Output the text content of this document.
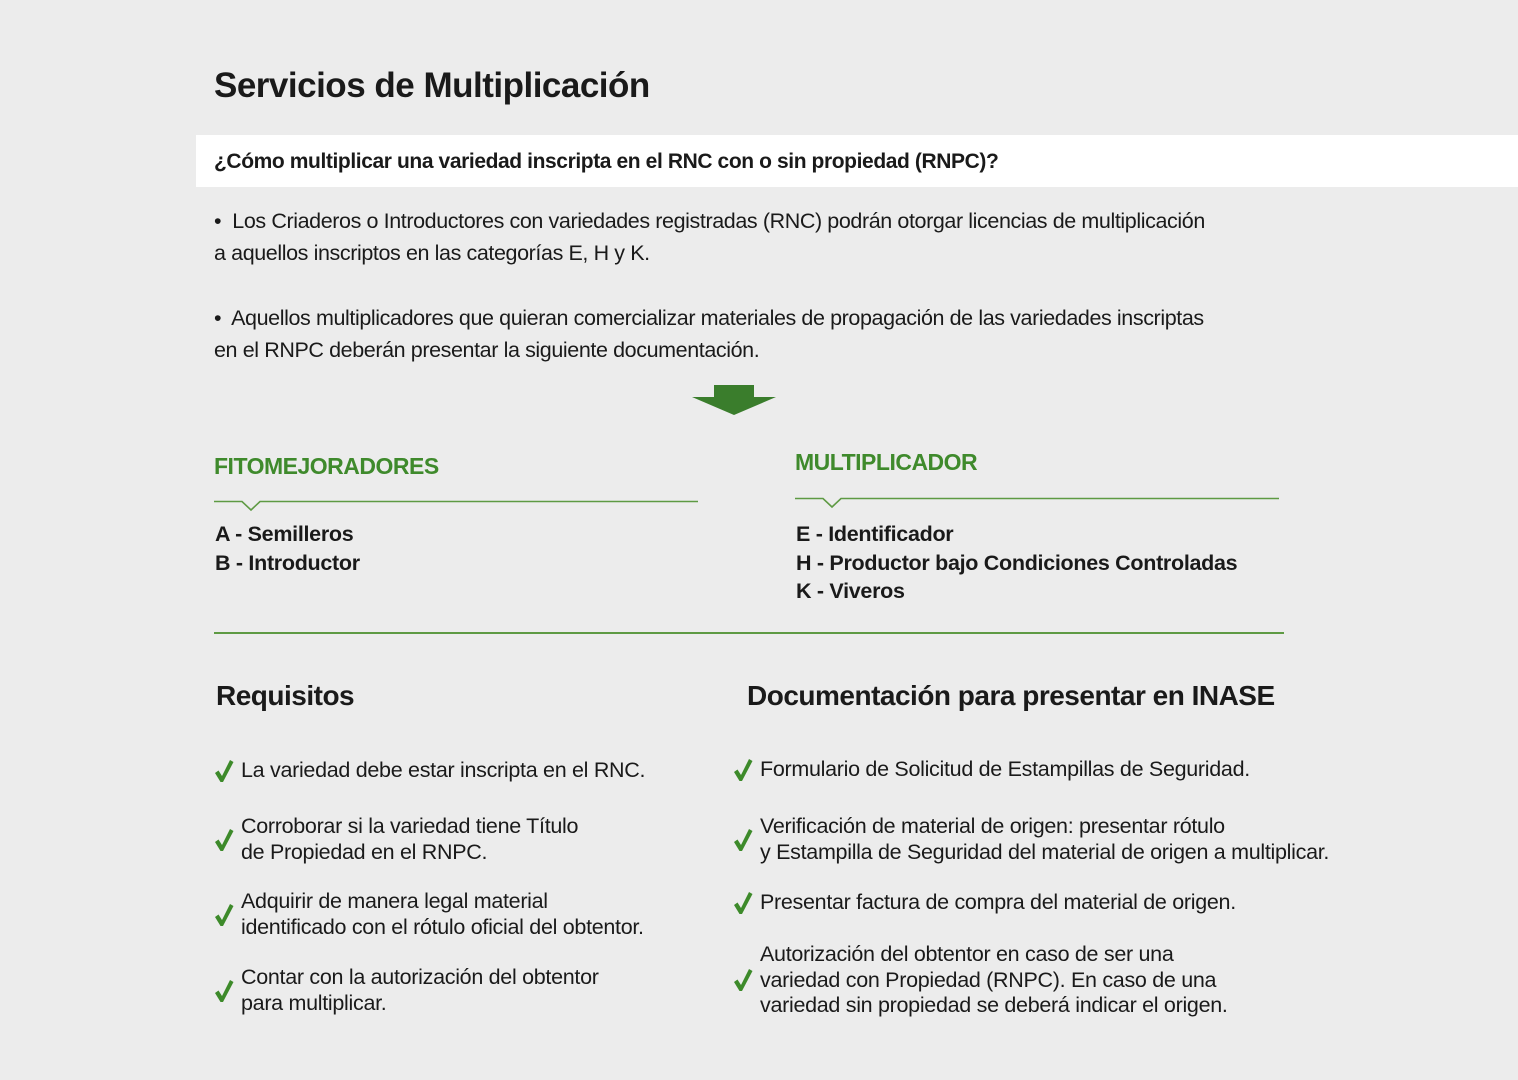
Servicios de Multiplicación
¿Cómo multiplicar una variedad inscripta en el RNC con o sin propiedad (RNPC)?

• Los Criaderos o Introductores con variedades registradas (RNC) podrán otorgar licencias de multiplicación
a aquellos inscriptos en las categorías E, H y K.

• Aquellos multiplicadores que quieran comercializar materiales de propagación de las variedades inscriptas
en el RNPC deberán presentar la siguiente documentación.

FITOMEJORADORES
A - Semilleros
B - Introductor
MULTIPLICADOR
E - Identificador
H - Productor bajo Condiciones Controladas
K - Viveros
Requisitos
La variedad debe estar inscripta en el RNC.
Corroborar si la variedad tiene Título
de Propiedad en el RNPC.
Adquirir de manera legal material
identificado con el rótulo oficial del obtentor.
Contar con la autorización del obtentor
para multiplicar.
Documentación para presentar en INASE
Formulario de Solicitud de Estampillas de Seguridad.
Verificación de material de origen: presentar rótulo
y Estampilla de Seguridad del material de origen a multiplicar.
Presentar factura de compra del material de origen.
Autorización del obtentor en caso de ser una
variedad con Propiedad (RNPC). En caso de una
variedad sin propiedad se deberá indicar el origen.
